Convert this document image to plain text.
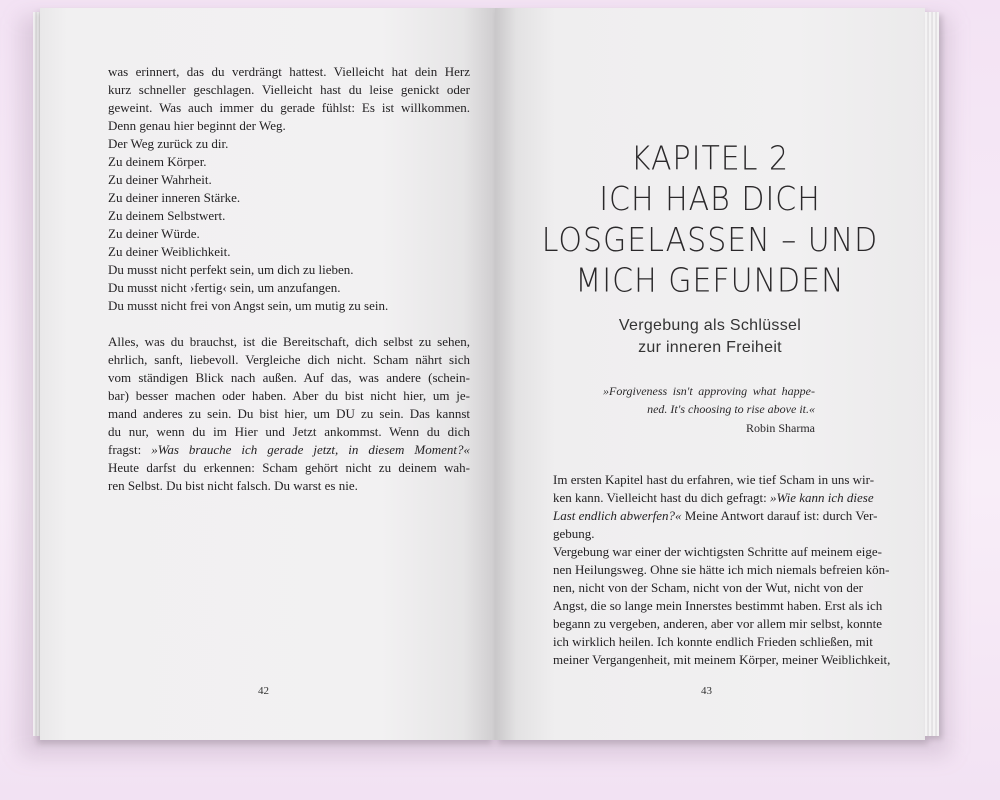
was erinnert, das du verdrängt hattest. Vielleicht hat dein Herz
kurz schneller geschlagen. Vielleicht hast du leise genickt oder
geweint. Was auch immer du gerade fühlst: Es ist willkommen.
Denn genau hier beginnt der Weg.
Der Weg zurück zu dir.
Zu deinem Körper.
Zu deiner Wahrheit.
Zu deiner inneren Stärke.
Zu deinem Selbstwert.
Zu deiner Würde.
Zu deiner Weiblichkeit.
Du musst nicht perfekt sein, um dich zu lieben.
Du musst nicht ›fertig‹ sein, um anzufangen.
Du musst nicht frei von Angst sein, um mutig zu sein.
Alles, was du brauchst, ist die Bereitschaft, dich selbst zu sehen,
ehrlich, sanft, liebevoll. Vergleiche dich nicht. Scham nährt sich
vom ständigen Blick nach außen. Auf das, was andere (schein-
bar) besser machen oder haben. Aber du bist nicht hier, um je-
mand anderes zu sein. Du bist hier, um DU zu sein. Das kannst
du nur, wenn du im Hier und Jetzt ankommst. Wenn du dich
fragst: »Was brauche ich gerade jetzt, in diesem Moment?«
Heute darfst du erkennen: Scham gehört nicht zu deinem wah-
ren Selbst. Du bist nicht falsch. Du warst es nie.
42
KAPITEL 2
ICH HAB DICH
LOSGELASSEN – UND
MICH GEFUNDEN
Vergebung als Schlüssel
zur inneren Freiheit
»Forgiveness isn't approving what happe-
ned. It's choosing to rise above it.«
Robin Sharma
Im ersten Kapitel hast du erfahren, wie tief Scham in uns wir-
ken kann. Vielleicht hast du dich gefragt: »Wie kann ich diese
Last endlich abwerfen?« Meine Antwort darauf ist: durch Ver-
gebung.
Vergebung war einer der wichtigsten Schritte auf meinem eige-
nen Heilungsweg. Ohne sie hätte ich mich niemals befreien kön-
nen, nicht von der Scham, nicht von der Wut, nicht von der
Angst, die so lange mein Innerstes bestimmt haben. Erst als ich
begann zu vergeben, anderen, aber vor allem mir selbst, konnte
ich wirklich heilen. Ich konnte endlich Frieden schließen, mit
meiner Vergangenheit, mit meinem Körper, meiner Weiblichkeit,
43
